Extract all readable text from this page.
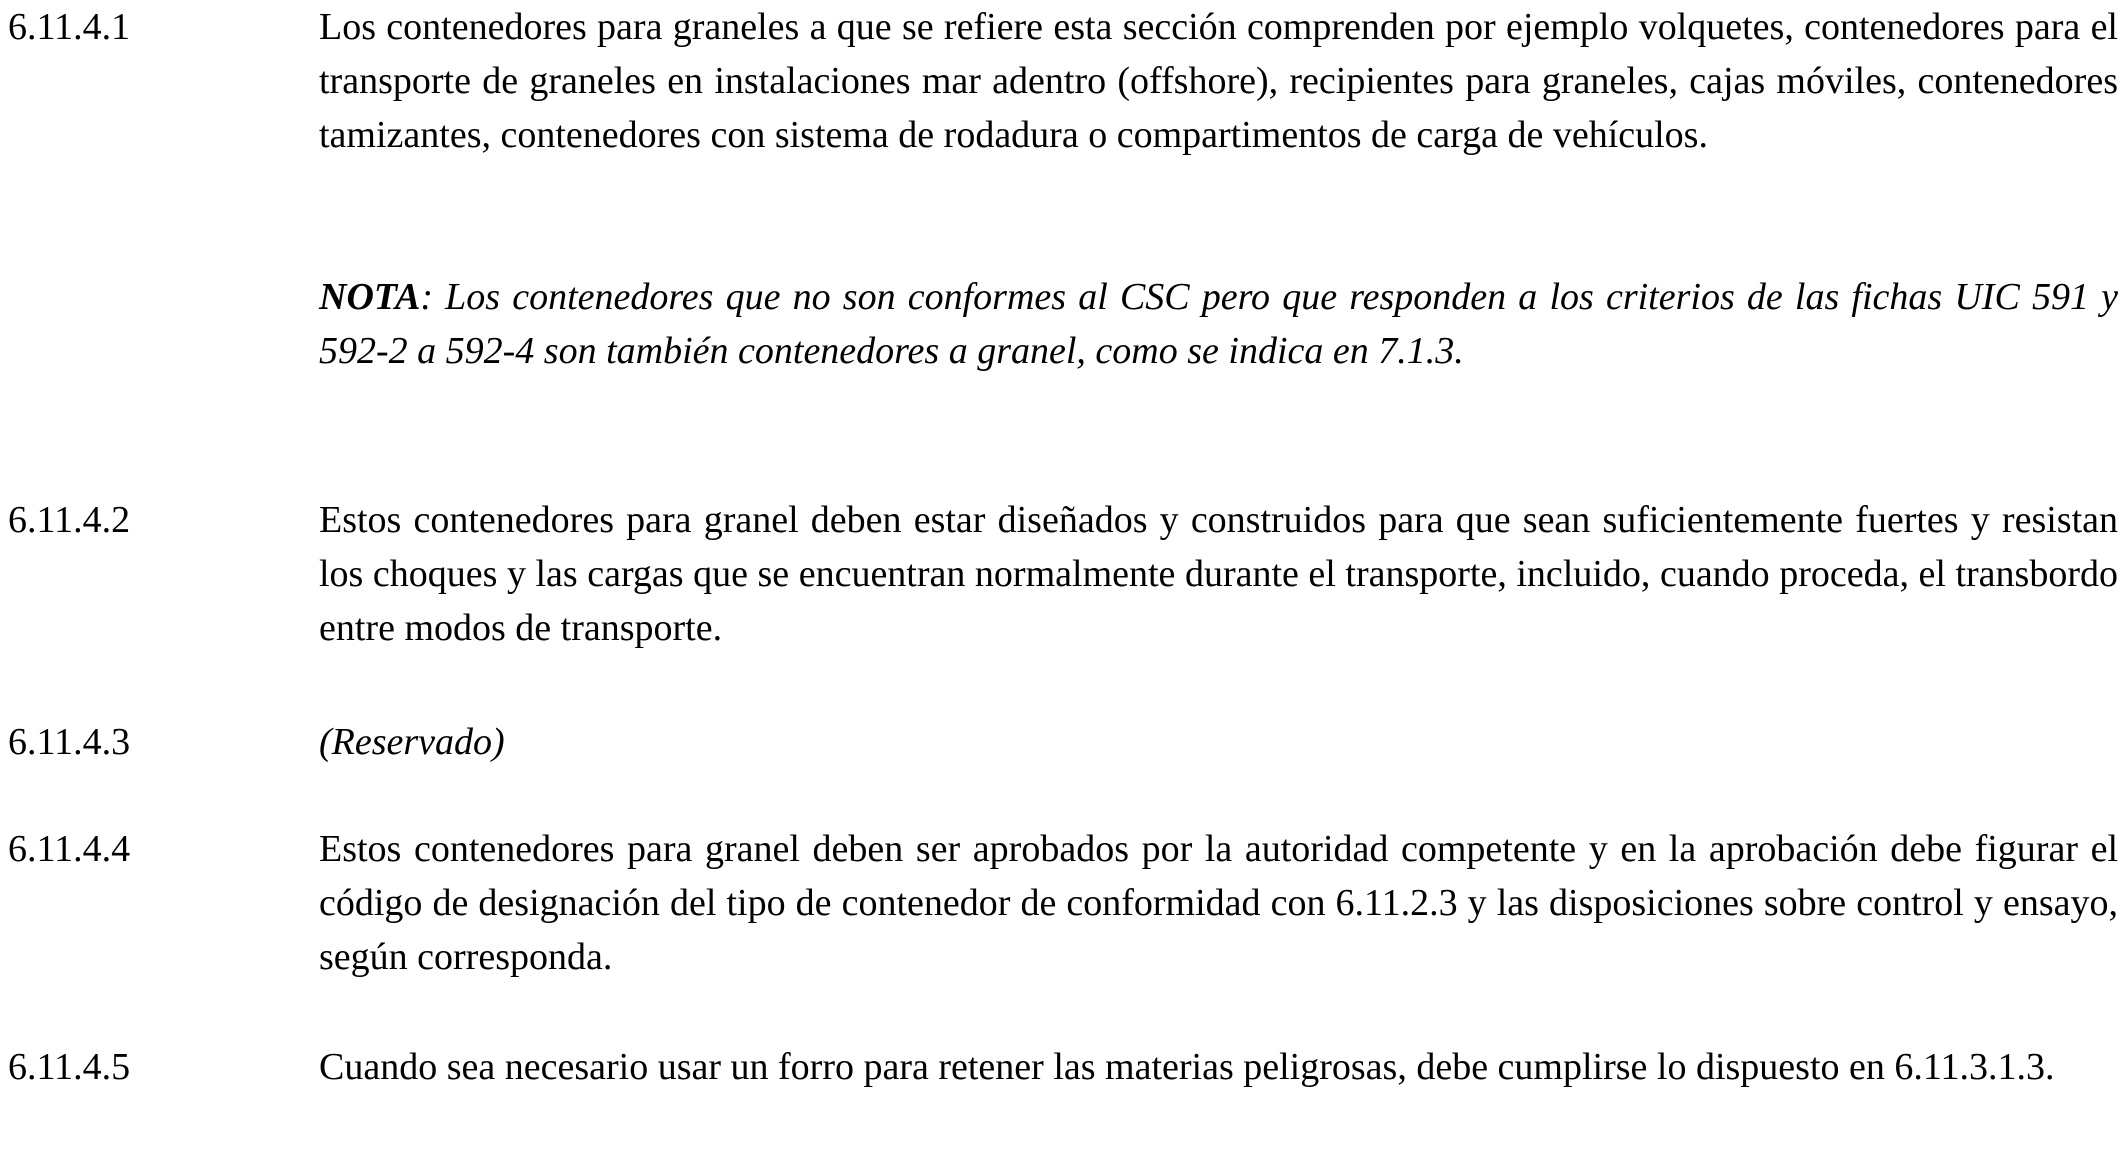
6.11.4.1	Los contenedores para graneles a que se refiere esta sección comprenden por ejemplo volquetes, contenedores para el transporte de graneles en instalaciones mar adentro (offshore), recipientes para graneles, cajas móviles, contenedores tamizantes, contenedores con sistema de rodadura o compartimentos de carga de vehículos.
NOTA: Los contenedores que no son conformes al CSC pero que responden a los criterios de las fichas UIC 591 y 592-2 a 592-4 son también contenedores a granel, como se indica en 7.1.3.
6.11.4.2	Estos contenedores para granel deben estar diseñados y construidos para que sean suficientemente fuertes y resistan los choques y las cargas que se encuentran normalmente durante el transporte, incluido, cuando proceda, el transbordo entre modos de transporte.
6.11.4.3	(Reservado)
6.11.4.4	Estos contenedores para granel deben ser aprobados por la autoridad competente y en la aprobación debe figurar el código de designación del tipo de contenedor de conformidad con 6.11.2.3 y las disposiciones sobre control y ensayo, según corresponda.
6.11.4.5	Cuando sea necesario usar un forro para retener las materias peligrosas, debe cumplirse lo dispuesto en 6.11.3.1.3.
